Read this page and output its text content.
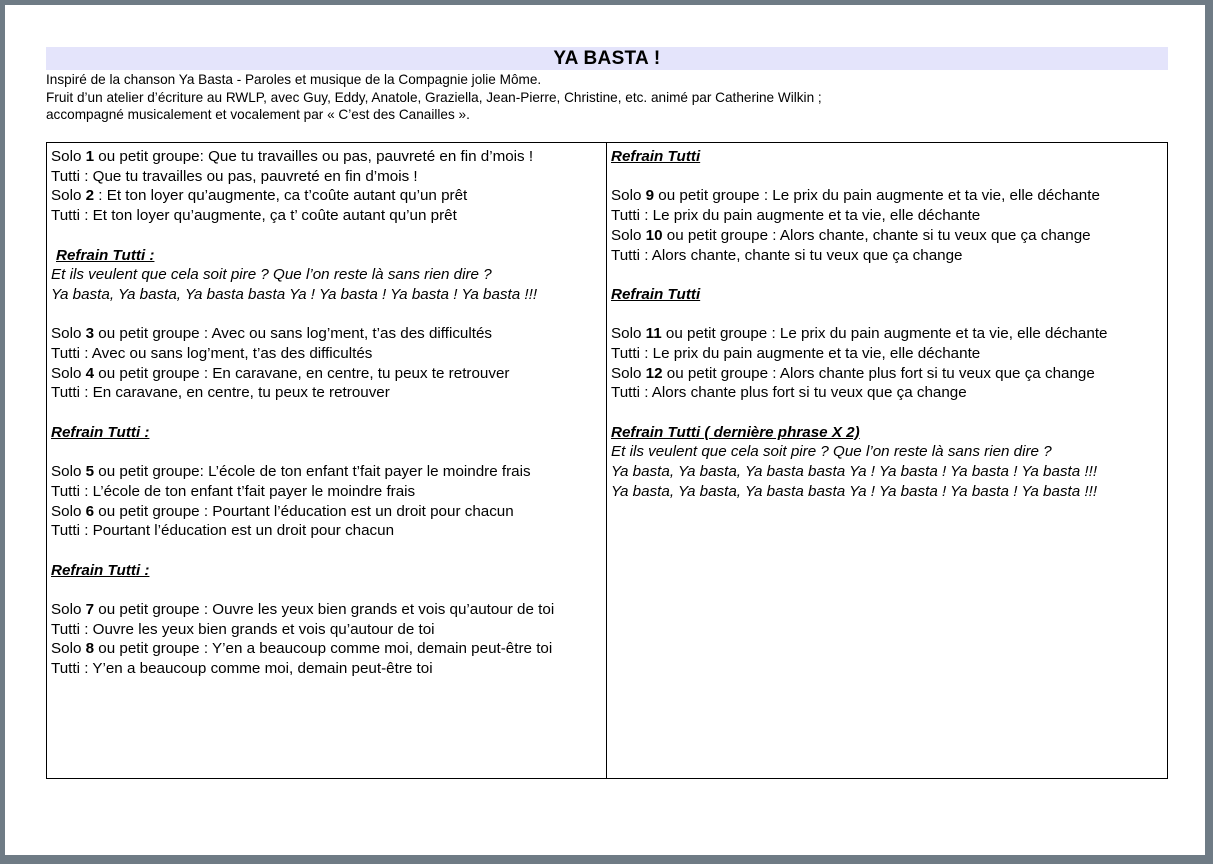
YA BASTA !
Inspiré de la chanson Ya Basta - Paroles et musique de la Compagnie jolie Môme.
Fruit d’un atelier d’écriture au RWLP, avec Guy, Eddy, Anatole, Graziella, Jean-Pierre, Christine, etc. animé par Catherine Wilkin ;
accompagné musicalement et vocalement par « C’est des Canailles ».
Solo 1 ou petit groupe: Que tu travailles ou pas, pauvreté en fin d’mois !
Tutti : Que tu travailles ou pas, pauvreté en fin d’mois !
Solo 2 : Et ton loyer qu’augmente, ca t’coûte autant qu’un prêt
Tutti : Et ton loyer qu’augmente, ça t’ coûte autant qu’un prêt
Refrain Tutti :
Et ils veulent que cela soit pire ? Que l’on reste là sans rien dire ?
Ya basta, Ya basta, Ya basta basta Ya ! Ya basta ! Ya basta ! Ya basta !!!
Solo 3 ou petit groupe : Avec ou sans log’ment, t’as des difficultés
Tutti : Avec ou sans log’ment, t’as des difficultés
Solo 4 ou petit groupe : En caravane, en centre, tu peux te retrouver
Tutti : En caravane, en centre, tu peux te retrouver
Refrain Tutti :
Solo 5 ou petit groupe: L’école de ton enfant t’fait payer le moindre frais
Tutti : L’école de ton enfant t’fait payer le moindre frais
Solo 6 ou petit groupe : Pourtant l’éducation est un droit pour chacun
Tutti : Pourtant l’éducation est un droit pour chacun
Refrain Tutti :
Solo 7 ou petit groupe : Ouvre les yeux bien grands et vois qu’autour de toi
Tutti : Ouvre les yeux bien grands et vois qu’autour de toi
Solo 8 ou petit groupe : Y’en a beaucoup comme moi, demain peut-être toi
Tutti : Y’en a beaucoup comme moi, demain peut-être toi
Refrain Tutti
Solo 9 ou petit groupe : Le prix du pain augmente et ta vie, elle déchante
Tutti : Le prix du pain augmente et ta vie, elle déchante
Solo 10 ou petit groupe : Alors chante, chante si tu veux que ça change
Tutti : Alors chante, chante si tu veux que ça change
Refrain Tutti
Solo 11 ou petit groupe : Le prix du pain augmente et ta vie, elle déchante
Tutti : Le prix du pain augmente et ta vie, elle déchante
Solo 12 ou petit groupe : Alors chante plus fort si tu veux que ça change
Tutti : Alors chante plus fort si tu veux que ça change
Refrain Tutti ( dernière phrase X 2)
Et ils veulent que cela soit pire ? Que l’on reste là sans rien dire ?
Ya basta, Ya basta, Ya basta basta Ya ! Ya basta ! Ya basta ! Ya basta !!!
Ya basta, Ya basta, Ya basta basta Ya ! Ya basta ! Ya basta ! Ya basta !!!
